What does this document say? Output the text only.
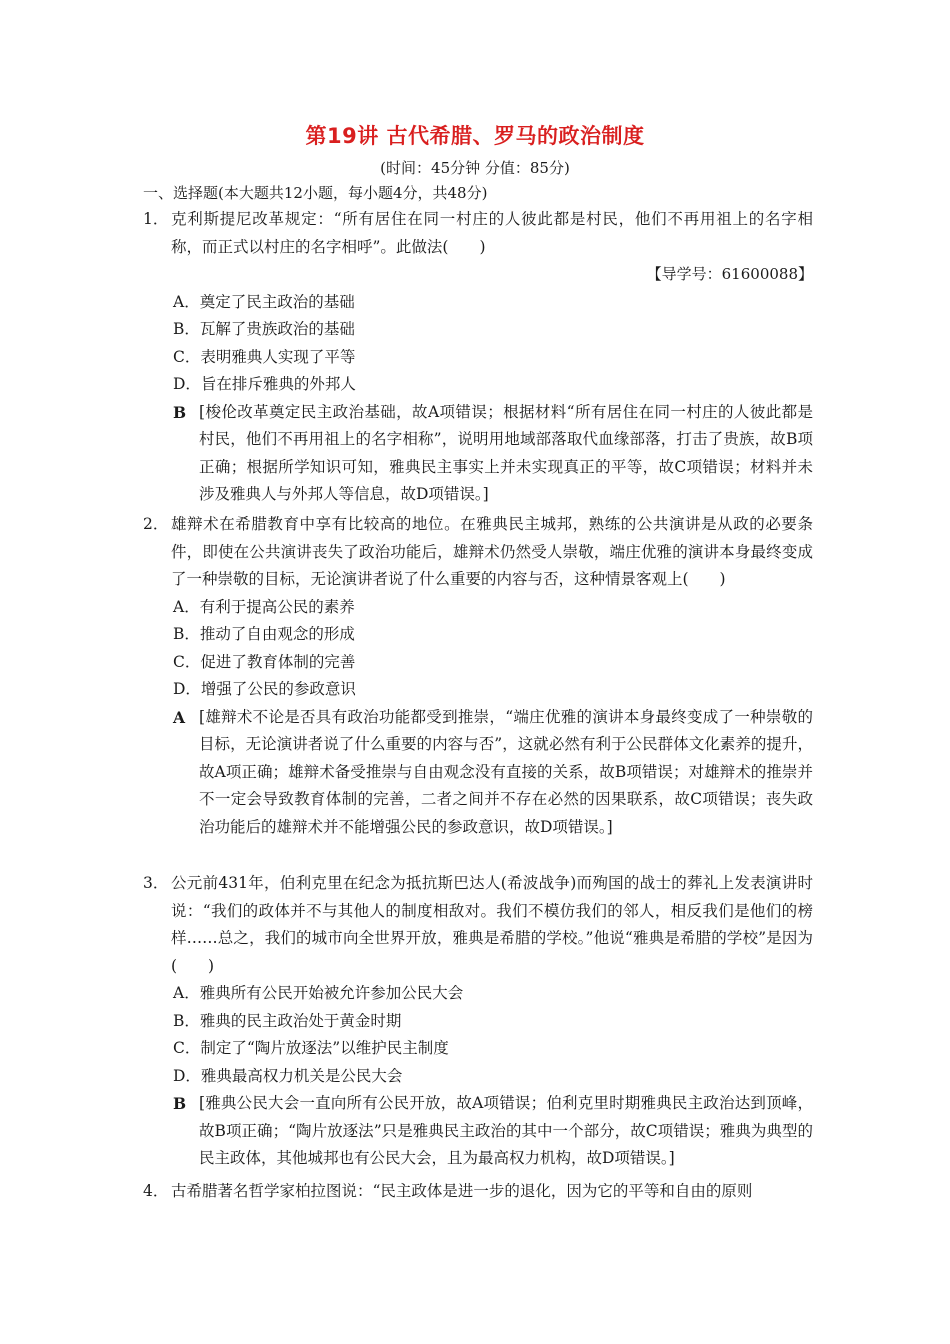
第19讲 古代希腊、罗马的政治制度
(时间：45分钟 分值：85分)
一、选择题(本大题共12小题，每小题4分，共48分)
1． 克利斯提尼改革规定：“所有居住在同一村庄的人彼此都是村民，他们不再用祖上的名字相称，而正式以村庄的名字相呼”。此做法(　　)
【导学号：61600088】
A．奠定了民主政治的基础
B．瓦解了贵族政治的基础
C．表明雅典人实现了平等
D．旨在排斥雅典的外邦人
B [梭伦改革奠定民主政治基础，故A项错误；根据材料“所有居住在同一村庄的人彼此都是村民，他们不再用祖上的名字相称”，说明用地域部落取代血缘部落，打击了贵族，故B项正确；根据所学知识可知，雅典民主事实上并未实现真正的平等，故C项错误；材料并未涉及雅典人与外邦人等信息，故D项错误。]
2． 雄辩术在希腊教育中享有比较高的地位。在雅典民主城邦，熟练的公共演讲是从政的必要条件，即使在公共演讲丧失了政治功能后，雄辩术仍然受人崇敬，端庄优雅的演讲本身最终变成了一种崇敬的目标，无论演讲者说了什么重要的内容与否，这种情景客观上(　　)
A．有利于提高公民的素养
B．推动了自由观念的形成
C．促进了教育体制的完善
D．增强了公民的参政意识
A [雄辩术不论是否具有政治功能都受到推崇，“端庄优雅的演讲本身最终变成了一种崇敬的目标，无论演讲者说了什么重要的内容与否”，这就必然有利于公民群体文化素养的提升，故A项正确；雄辩术备受推崇与自由观念没有直接的关系，故B项错误；对雄辩术的推崇并不一定会导致教育体制的完善，二者之间并不存在必然的因果联系，故C项错误；丧失政治功能后的雄辩术并不能增强公民的参政意识，故D项错误。]
3． 公元前431年，伯利克里在纪念为抵抗斯巴达人(希波战争)而殉国的战士的葬礼上发表演讲时说：“我们的政体并不与其他人的制度相敌对。我们不模仿我们的邻人，相反我们是他们的榜样……总之，我们的城市向全世界开放，雅典是希腊的学校。”他说“雅典是希腊的学校”是因为(　　)
A．雅典所有公民开始被允许参加公民大会
B．雅典的民主政治处于黄金时期
C．制定了“陶片放逐法”以维护民主制度
D．雅典最高权力机关是公民大会
B [雅典公民大会一直向所有公民开放，故A项错误；伯利克里时期雅典民主政治达到顶峰，故B项正确；“陶片放逐法”只是雅典民主政治的其中一个部分，故C项错误；雅典为典型的民主政体，其他城邦也有公民大会，且为最高权力机构，故D项错误。]
4． 古希腊著名哲学家柏拉图说：“民主政体是进一步的退化，因为它的平等和自由的原则
